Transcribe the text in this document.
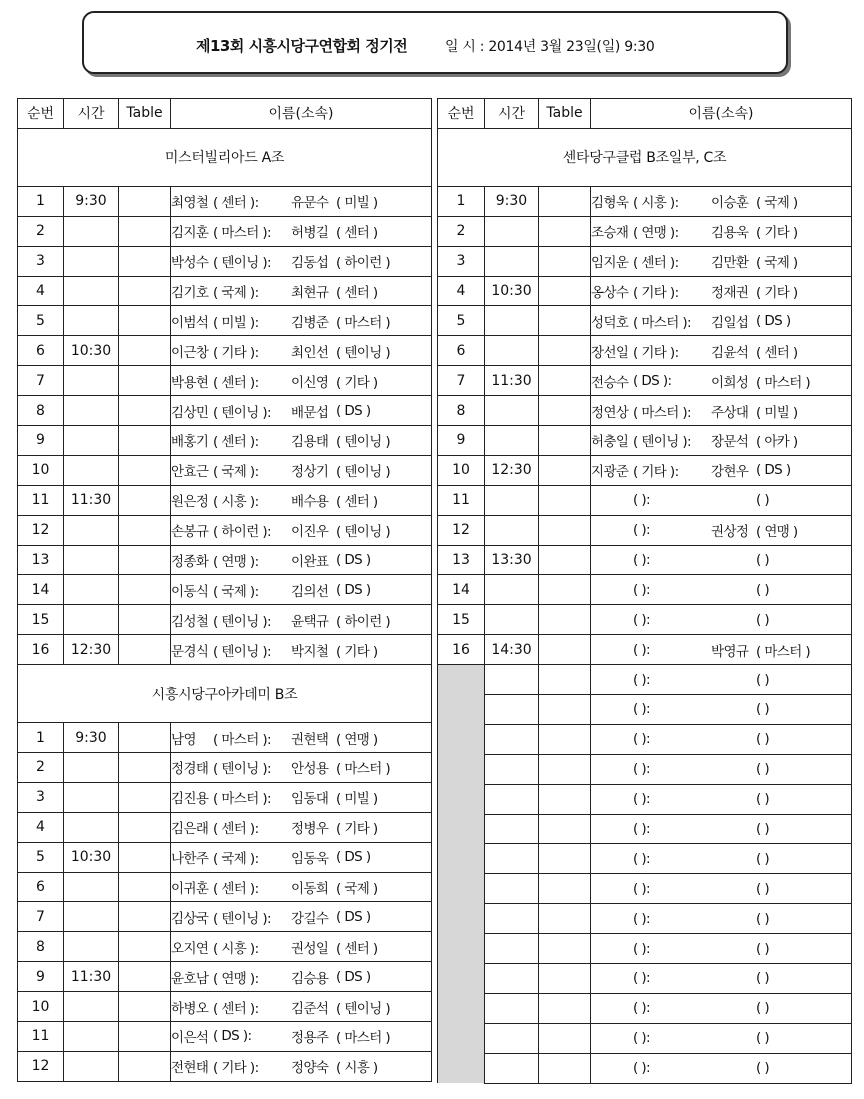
제13회 시흥시당구연합회 정기전	일 시 : 2014년 3월 23일(일) 9:30
순번	시간	Table	이름(소속)
미스터빌리아드 A조			
1	9:30		최영철 ( 센터 ): 유문수 ( 미빌 )

2			김지훈 ( 마스터 ): 허병길 ( 센터 )

3			박성수 ( 텐이닝 ): 김동섭 ( 하이런 )

4			김기호 ( 국제 ): 최현규 ( 센터 )

5			이범석 ( 미빌 ): 김병준 ( 마스터 )

6	10:30		이근창 ( 기타 ): 최인선 ( 텐이닝 )

7			박용현 ( 센터 ): 이신영 ( 기타 )

8			김상민 ( 텐이닝 ): 배문섭 ( DS )

9			배홍기 ( 센터 ): 김용태 ( 텐이닝 )

10			안효근 ( 국제 ): 정상기 ( 텐이닝 )

11	11:30		원은정 ( 시흥 ): 배수용 ( 센터 )

12			손봉규 ( 하이런 ): 이진우 ( 텐이닝 )

13			정종화 ( 연맹 ): 이완표 ( DS )

14			이동식 ( 국제 ): 김의선 ( DS )

15			김성철 ( 텐이닝 ): 윤택규 ( 하이런 )

16	12:30		문경식 ( 텐이닝 ): 박지철 ( 기타 )

시흥시당구아카데미 B조			
1	9:30		남영 ( 마스터 ): 권현택 ( 연맹 )

2			정경태 ( 텐이닝 ): 안성용 ( 마스터 )

3			김진용 ( 마스터 ): 임동대 ( 미빌 )

4			김은래 ( 센터 ): 정병우 ( 기타 )

5	10:30		나한주 ( 국제 ): 임동욱 ( DS )

6			이귀훈 ( 센터 ): 이동희 ( 국제 )

7			김상국 ( 텐이닝 ): 강길수 ( DS )

8			오지연 ( 시흥 ): 권성일 ( 센터 )

9	11:30		윤호남 ( 연맹 ): 김승용 ( DS )

10			하병오 ( 센터 ): 김준석 ( 텐이닝 )

11			이은석 ( DS ): 정용주 ( 마스터 )

12			전현태 ( 기타 ): 정양숙 ( 시흥 )
순번	시간	Table	이름(소속)
센타당구클럽 B조일부, C조			
1	9:30		김형욱 ( 시흥 ): 이승훈 ( 국제 )

2			조승재 ( 연맹 ): 김용욱 ( 기타 )

3			임지운 ( 센터 ): 김만환 ( 국제 )

4	10:30		옹상수 ( 기타 ): 정재권 ( 기타 )

5			성덕호 ( 마스터 ): 김일섭 ( DS )

6			장선일 ( 기타 ): 김윤석 ( 센터 )

7	11:30		전승수 ( DS ): 이희성 ( 마스터 )

8			정연상 ( 마스터 ): 주상대 ( 미빌 )

9			허충일 ( 텐이닝 ): 장문석 ( 아카 )

10	12:30		지광준 ( 기타 ): 강현우 ( DS )

11			( ): ( )

12			( ): 권상정 ( 연맹 )

13	13:30		( ): ( )

14			( ): ( )

15			( ): ( )

16	14:30		( ): 박영규 ( 마스터 )

			( ): ( )

			( ): ( )

			( ): ( )

			( ): ( )

			( ): ( )

			( ): ( )

			( ): ( )

			( ): ( )

			( ): ( )

			( ): ( )

			( ): ( )

			( ): ( )

			( ): ( )

			( ): ( )
